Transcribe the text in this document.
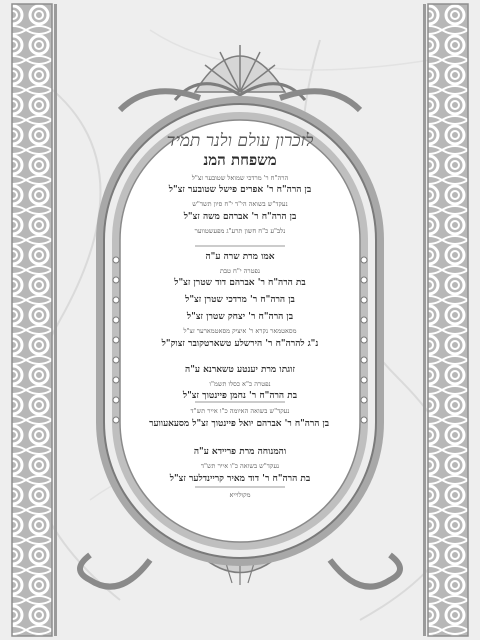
לזכרון עולם ולנר תמיד
משפחת המנ
הרה"ח ר' מרדכי שמואל שטובער זצ"ל
בן הרה"ח ר' אפרים פישל שטובער זצ"ל
נעקד"ש בשואה הי"ד י"ח סיון תשד"ש
בן הרה"ח ר' אברהם משה זצ"ל
נלב"ע כ"ח חשון תרע"ג מפעשטווער
אמו מרת שרה ע"ה
נפטרה י"ח טבת
בת הרה"ח ר' אברהם דוד שטרן זצ"ל
בן הרה"ח ר' מרדכי שטרן זצ"ל
בן הרה"ח ר' יצחק שטרן זצ"ל
מסאטמאר נקרא ר' איציק מסאטמארער זצ"ל
נ"ג להרה"ח ר' הירשלע טשארטקובר זצוק"ל
זוגתו מרת יענטע טשארנא ע"ה
נפטרה כ"א כסלו תשמ"ו
בת הרה"ח ר' נחמן פיינטוך זצ"ל
נעקד"ש בשואה האיומה כ"ו אייר תש"ד
בן הרה"ח ר' אברהם יואל פיינטוך זצ"ל מסעאעווער
והמנוחה מרת פריידא ע"ה
נעקד"ש בשואה כ"ו אייר תש"ד
בת הרה"ח ר' דוד מאיר קריינדלער זצ"ל
מקולוייא
